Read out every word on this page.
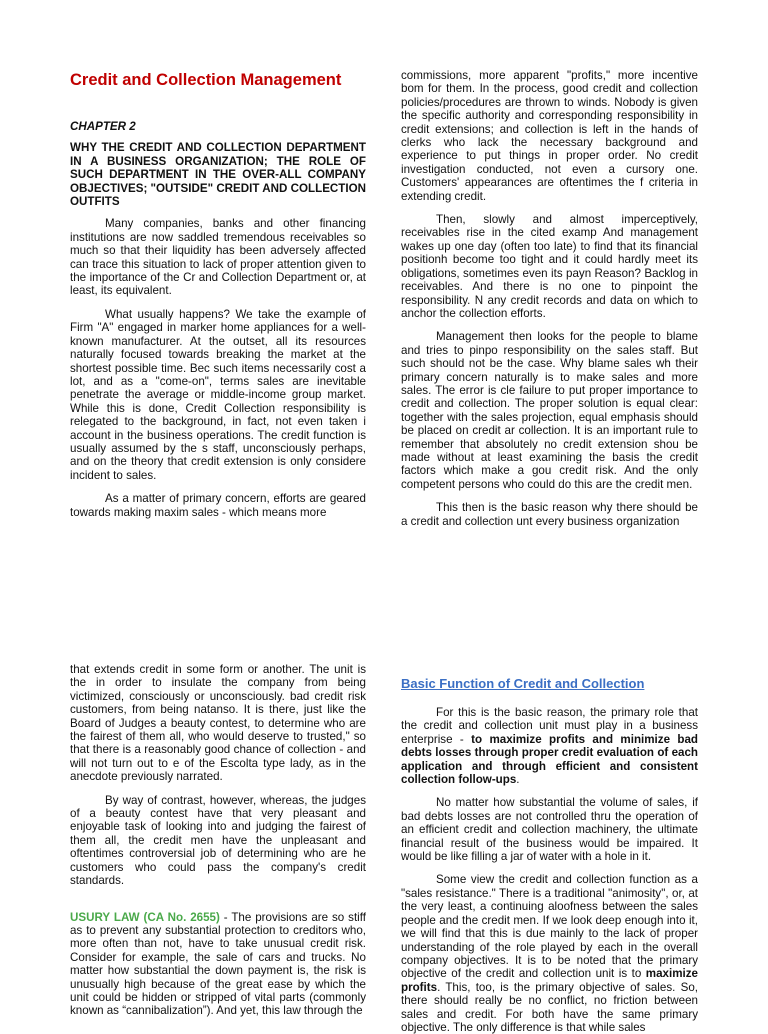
Credit and Collection Management
CHAPTER 2
WHY THE CREDIT AND COLLECTION DEPARTMENT IN A BUSINESS ORGANIZATION; THE ROLE OF SUCH DEPARTMENT IN THE OVER-ALL COMPANY OBJECTIVES; "OUTSIDE" CREDIT AND COLLECTION OUTFITS

Many companies, banks and other financing institutions are now saddled tremendous receivables so much so that their liquidity has been adversely affected can trace this situation to lack of proper attention given to the importance of the Cr and Collection Department or, at least, its equivalent.

What usually happens? We take the example of Firm "A" engaged in marker home appliances for a well-known manufacturer. At the outset, all its resources naturally focused towards breaking the market at the shortest possible time. Bec such items necessarily cost a lot, and as a "come-on", terms sales are inevitable penetrate the average or middle-income group market. While this is done, Credit Collection responsibility is relegated to the background, in fact, not even taken i account in the business operations. The credit function is usually assumed by the s staff, unconsciously perhaps, and on the theory that credit extension is only considere incident to sales.

As a matter of primary concern, efforts are geared towards making maxim sales - which means more

commissions, more apparent "profits," more incentive bom for them. In the process, good credit and collection policies/procedures are thrown to winds. Nobody is given the specific authority and corresponding responsibility in credit extensions; and collection is left in the hands of clerks who lack the necessary background and experience to put things in proper order. No credit investigation conducted, not even a cursory one. Customers' appearances are oftentimes the f criteria in extending credit.

Then, slowly and almost imperceptively, receivables rise in the cited examp And management wakes up one day (often too late) to find that its financial positionh become too tight and it could hardly meet its obligations, sometimes even its payn Reason? Backlog in receivables. And there is no one to pinpoint the responsibility. N any credit records and data on which to anchor the collection efforts.

Management then looks for the people to blame and tries to pinpo responsibility on the sales staff. But such should not be the case. Why blame sales wh their primary concern naturally is to make sales and more sales. The error is cle failure to put proper importance to credit and collection. The proper solution is equal clear: together with the sales projection, equal emphasis should be placed on credit ar collection. It is an important rule to remember that absolutely no credit extension shou be made without at least examining the basis the credit factors which make a gou credit risk. And the only competent persons who could do this are the credit men.

This then is the basic reason why there should be a credit and collection unt every business organization

that extends credit in some form or another. The unit is the in order to insulate the company from being victimized, consciously or unconsciously. bad credit risk customers, from being natanso. It is there, just like the Board of Judges a beauty contest, to determine who are the fairest of them all, who would deserve to trusted," so that there is a reasonably good chance of collection - and will not turn out to e of the Escolta type lady, as in the anecdote previously narrated.

By way of contrast, however, whereas, the judges of a beauty contest have that very pleasant and enjoyable task of looking into and judging the fairest of them all, the credit men have the unpleasant and oftentimes controversial job of determining who are he customers who could pass the company's credit standards.

USURY LAW (CA No. 2655) - The provisions are so stiff as to prevent any substantial protection to creditors who, more often than not, have to take unusual credit risk. Consider for example, the sale of cars and trucks. No matter how substantial the down payment is, the risk is unusually high because of the great ease by which the unit could be hidden or stripped of vital parts (commonly known as “cannibalization”). And yet, this law through the

Basic Function of Credit and Collection

For this is the basic reason, the primary role that the credit and collection unit must play in a business enterprise - to maximize profits and minimize bad debts losses through proper credit evaluation of each application and through efficient and consistent collection follow-ups.

No matter how substantial the volume of sales, if bad debts losses are not controlled thru the operation of an efficient credit and collection machinery, the ultimate financial result of the business would be impaired. It would be like filling a jar of water with a hole in it.

Some view the credit and collection function as a "sales resistance." There is a traditional "animosity", or, at the very least, a continuing aloofness between the sales people and the credit men. If we look deep enough into it, we will find that this is due mainly to the lack of proper understanding of the role played by each in the overall company objectives. It is to be noted that the primary objective of the credit and collection unit is to maximize profits. This, too, is the primary objective of sales. So, there should really be no conflict, no friction between sales and credit. For both have the same primary objective. The only difference is that while sales
